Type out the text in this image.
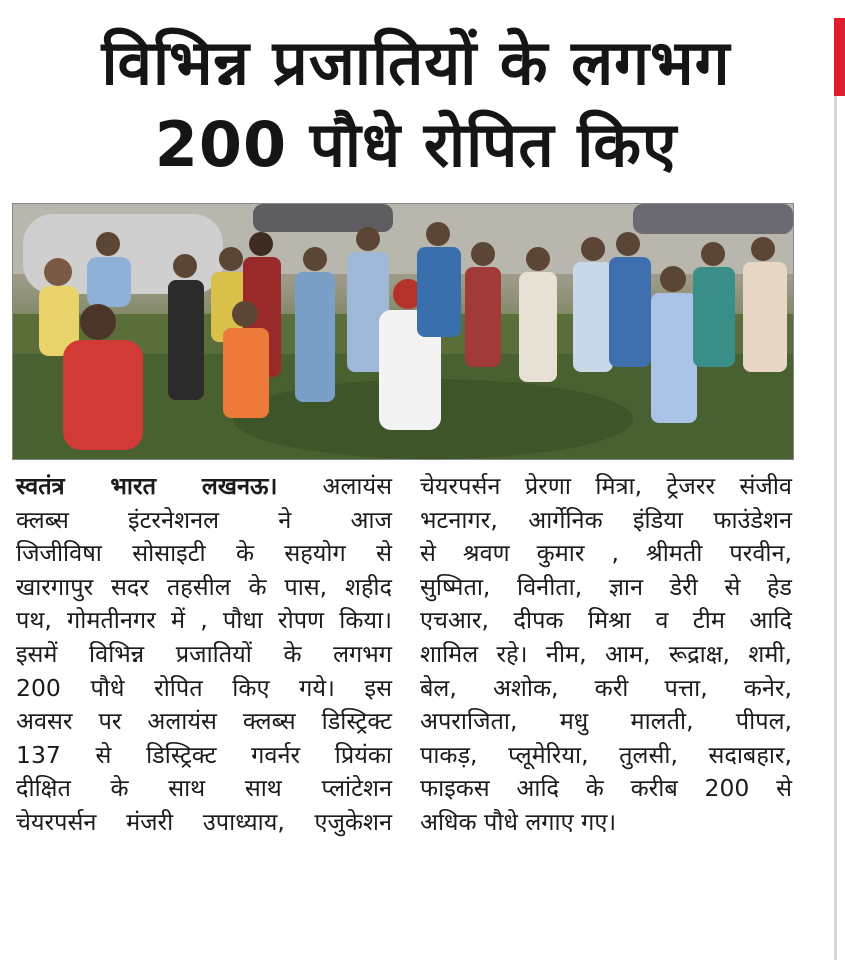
विभिन्न प्रजातियों के लगभग
200 पौधे रोपित किए
स्वतंत्र भारत लखनऊ। अलायंस
क्लब्स इंटरनेशनल ने आज
जिजीविषा सोसाइटी के सहयोग से
खारगापुर सदर तहसील के पास, शहीद
पथ, गोमतीनगर में , पौधा रोपण किया।
इसमें विभिन्न प्रजातियों के लगभग
200 पौधे रोपित किए गये। इस
अवसर पर अलायंस क्लब्स डिस्ट्रिक्ट
137 से डिस्ट्रिक्ट गवर्नर प्रियंका
दीक्षित के साथ साथ प्लांटेशन
चेयरपर्सन मंजरी उपाध्याय, एजुकेशन
चेयरपर्सन प्रेरणा मित्रा, ट्रेजरर संजीव
भटनागर, आर्गेनिक इंडिया फाउंडेशन
से श्रवण कुमार , श्रीमती परवीन,
सुष्मिता, विनीता, ज्ञान डेरी से हेड
एचआर, दीपक मिश्रा व टीम आदि
शामिल रहे। नीम, आम, रूद्राक्ष, शमी,
बेल, अशोक, करी पत्ता, कनेर,
अपराजिता, मधु मालती, पीपल,
पाकड़, प्लूमेरिया, तुलसी, सदाबहार,
फाइकस आदि के करीब 200 से
अधिक पौधे लगाए गए।
